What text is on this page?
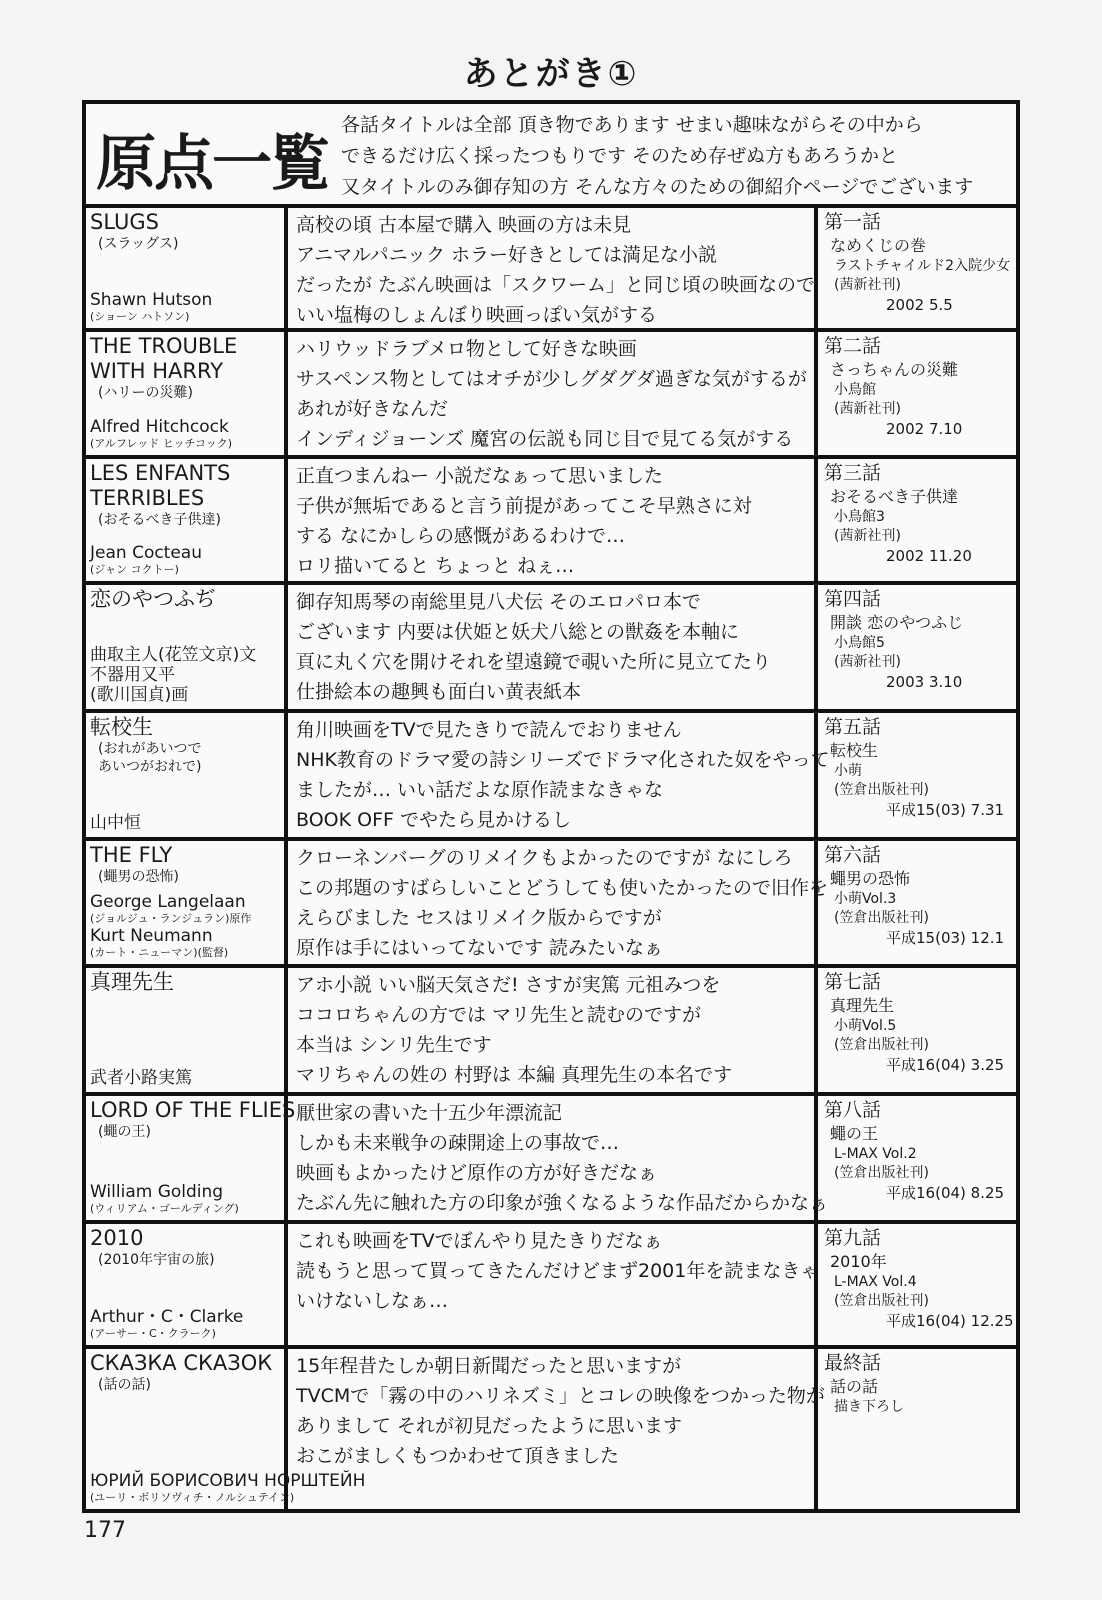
あとがき①
原点一覧
各話タイトルは全部 頂き物であります せまい趣味ながらその中から
できるだけ広く採ったつもりです そのため存ぜぬ方もあろうかと
又タイトルのみ御存知の方 そんな方々のための御紹介ページでございます
SLUGS
(スラッグス)
Shawn Hutson
(ショーン ハトソン)
高校の頃 古本屋で購入 映画の方は未見
アニマルパニック ホラー好きとしては満足な小説
だったが たぶん映画は「スクワーム」と同じ頃の映画なので
いい塩梅のしょんぼり映画っぽい気がする
第一話
なめくじの巻
ラストチャイルド2入院少女
(茜新社刊)
2002 5.5
THE TROUBLE
WITH HARRY
(ハリーの災難)
Alfred Hitchcock
(アルフレッド ヒッチコック)
ハリウッドラブメロ物として好きな映画
サスペンス物としてはオチが少しグダグダ過ぎな気がするが
あれが好きなんだ
インディジョーンズ 魔宮の伝説も同じ目で見てる気がする
第二話
さっちゃんの災難
小鳥館
(茜新社刊)
2002 7.10
LES ENFANTS
TERRIBLES
(おそるべき子供達)
Jean Cocteau
(ジャン コクトー)
正直つまんねー 小説だなぁって思いました
子供が無垢であると言う前提があってこそ早熟さに対
する なにかしらの感慨があるわけで…
ロリ描いてると ちょっと ねぇ…
第三話
おそるべき子供達
小鳥館3
(茜新社刊)
2002 11.20
恋のやつふぢ
曲取主人(花笠文京)文
不器用又平
(歌川国貞)画
御存知馬琴の南総里見八犬伝 そのエロパロ本で
ございます 内要は伏姫と妖犬八総との獣姦を本軸に
頁に丸く穴を開けそれを望遠鏡で覗いた所に見立てたり
仕掛絵本の趣興も面白い黄表紙本
第四話
開談 恋のやつふじ
小鳥館5
(茜新社刊)
2003 3.10
転校生
(おれがあいつで
あいつがおれで)
山中恒
角川映画をTVで見たきりで読んでおりません
NHK教育のドラマ愛の詩シリーズでドラマ化された奴をやって
ましたが… いい話だよな原作読まなきゃな
BOOK OFF でやたら見かけるし
第五話
転校生
小萌
(笠倉出版社刊)
平成15(03) 7.31
THE FLY
(蠅男の恐怖)
George Langelaan
(ジョルジュ・ランジュラン)原作
Kurt Neumann
(カート・ニューマン)(監督)
クローネンバーグのリメイクもよかったのですが なにしろ
この邦題のすばらしいことどうしても使いたかったので旧作を
えらびました セスはリメイク版からですが
原作は手にはいってないです 読みたいなぁ
第六話
蠅男の恐怖
小萌Vol.3
(笠倉出版社刊)
平成15(03) 12.1
真理先生
武者小路実篤
アホ小説 いい脳天気さだ! さすが実篤 元祖みつを
ココロちゃんの方では マリ先生と読むのですが
本当は シンリ先生です
マリちゃんの姓の 村野は 本編 真理先生の本名です
第七話
真理先生
小萌Vol.5
(笠倉出版社刊)
平成16(04) 3.25
LORD OF THE FLIES
(蠅の王)
William Golding
(ウィリアム・ゴールディング)
厭世家の書いた十五少年漂流記
しかも未来戦争の疎開途上の事故で…
映画もよかったけど原作の方が好きだなぁ
たぶん先に触れた方の印象が強くなるような作品だからかなぁ
第八話
蠅の王
L-MAX Vol.2
(笠倉出版社刊)
平成16(04) 8.25
2010
(2010年宇宙の旅)
Arthur・C・Clarke
(アーサー・C・クラーク)
これも映画をTVでぼんやり見たきりだなぁ
読もうと思って買ってきたんだけどまず2001年を読まなきゃ
いけないしなぁ…
第九話
2010年
L-MAX Vol.4
(笠倉出版社刊)
平成16(04) 12.25
СКАЗКА СКАЗОК
(話の話)
ЮРИЙ БОРИСОВИЧ НОРШТЕЙН
(ユーリ・ボリソヴィチ・ノルシュテイン)
15年程昔たしか朝日新聞だったと思いますが
TVCMで「霧の中のハリネズミ」とコレの映像をつかった物が
ありまして それが初見だったように思います
おこがましくもつかわせて頂きました
最終話
話の話
描き下ろし
177
